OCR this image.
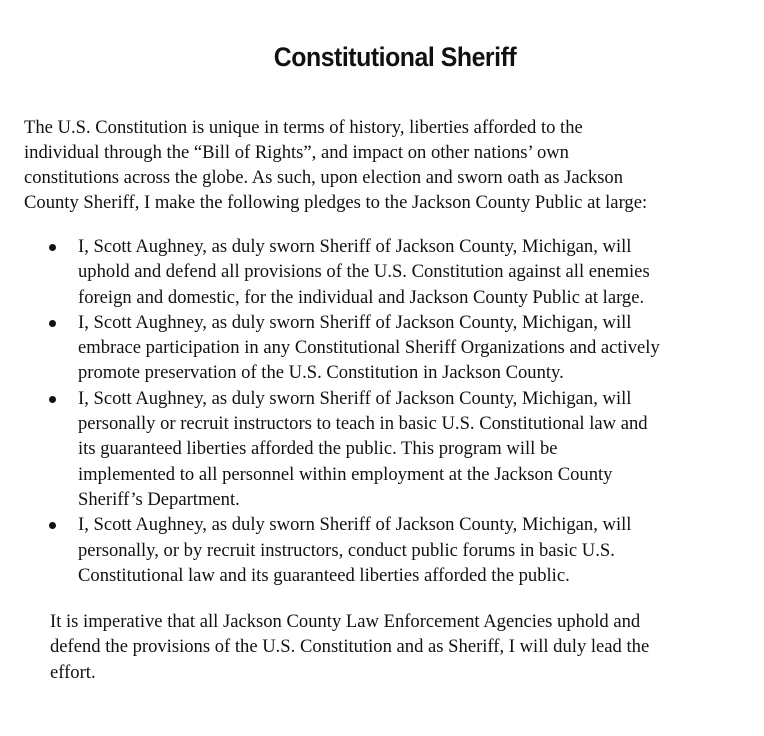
Constitutional Sheriff

The U.S. Constitution is unique in terms of history, liberties afforded to the
individual through the “Bill of Rights”, and impact on other nations’ own
constitutions across the globe. As such, upon election and sworn oath as Jackson
County Sheriff, I make the following pledges to the Jackson County Public at large:

I, Scott Aughney, as duly sworn Sheriff of Jackson County, Michigan, will
uphold and defend all provisions of the U.S. Constitution against all enemies
foreign and domestic, for the individual and Jackson County Public at large.
I, Scott Aughney, as duly sworn Sheriff of Jackson County, Michigan, will
embrace participation in any Constitutional Sheriff Organizations and actively
promote preservation of the U.S. Constitution in Jackson County.
I, Scott Aughney, as duly sworn Sheriff of Jackson County, Michigan, will
personally or recruit instructors to teach in basic U.S. Constitutional law and
its guaranteed liberties afforded the public. This program will be
implemented to all personnel within employment at the Jackson County
Sheriff’s Department.
I, Scott Aughney, as duly sworn Sheriff of Jackson County, Michigan, will
personally, or by recruit instructors, conduct public forums in basic U.S.
Constitutional law and its guaranteed liberties afforded the public.

It is imperative that all Jackson County Law Enforcement Agencies uphold and
defend the provisions of the U.S. Constitution and as Sheriff, I will duly lead the
effort.
